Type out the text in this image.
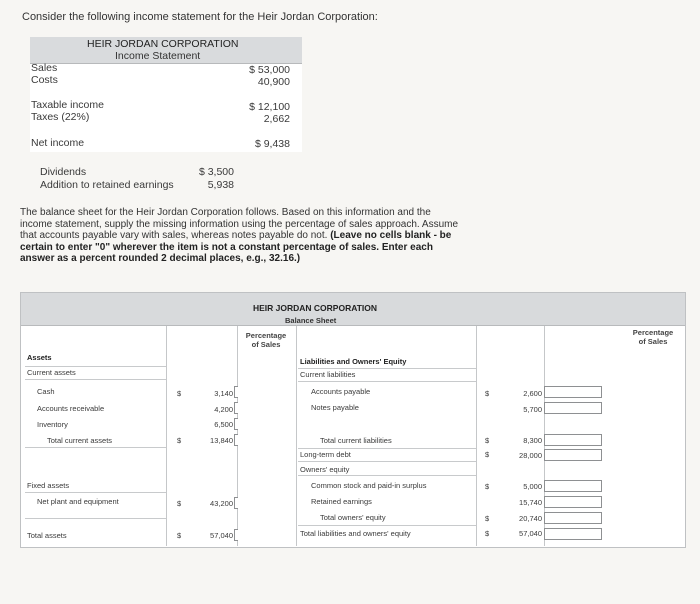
Consider the following income statement for the Heir Jordan Corporation:
HEIR JORDAN CORPORATION
Income Statement
Sales
Costs
Taxable income
Taxes (22%)
Net income
$ 53,000
40,900
$ 12,100
2,662
$ 9,438
Dividends
Addition to retained earnings
$ 3,500
5,938
The balance sheet for the Heir Jordan Corporation follows. Based on this information and the income statement, supply the missing information using the percentage of sales approach. Assume that accounts payable vary with sales, whereas notes payable do not. (Leave no cells blank - be certain to enter "0" wherever the item is not a constant percentage of sales. Enter each answer as a percent rounded 2 decimal places, e.g., 32.16.)
HEIR JORDAN CORPORATION
Balance Sheet
Percentage
of Sales
Percentage
of Sales
Assets
Current assets
Cash
Accounts receivable
Inventory
Total current assets
Fixed assets
Net plant and equipment
Total assets
$
$
$
$
3,140
4,200
6,500
13,840
43,200
57,040
Liabilities and Owners' Equity
Current liabilities
Accounts payable
Notes payable
Total current liabilities
Long-term debt
Owners' equity
Common stock and paid-in surplus
Retained earnings
Total owners' equity
Total liabilities and owners' equity
$
$
$
$
$
$
2,600
5,700
8,300
28,000
5,000
15,740
20,740
57,040
